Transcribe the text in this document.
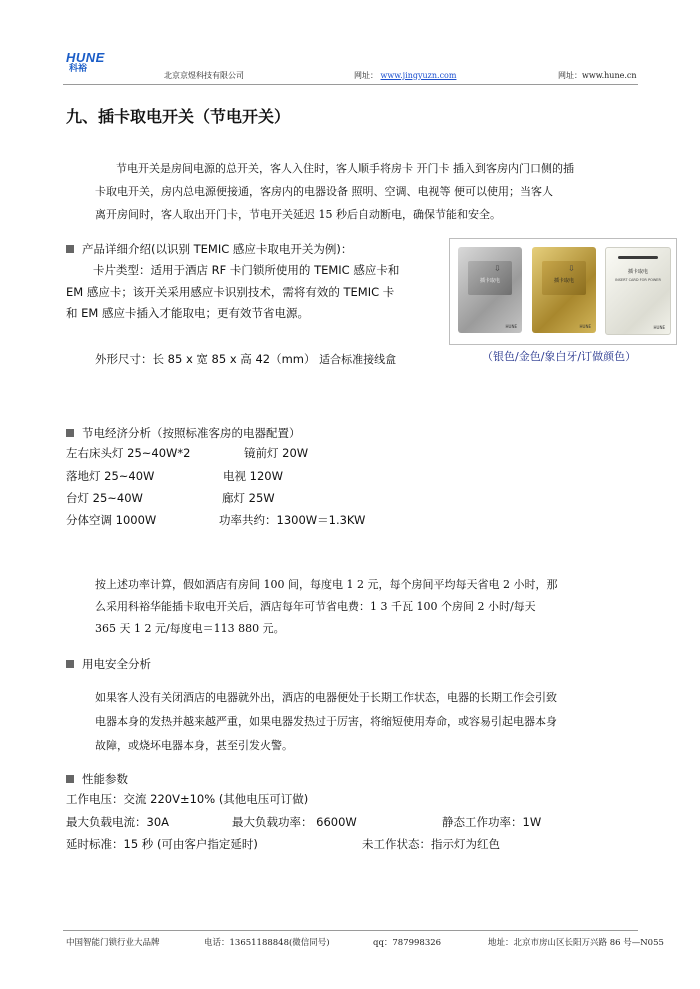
HUNE
科裕
北京京煜科技有限公司	网址： www.jingyuzn.com	网址：www.hune.cn
九、插卡取电开关（节电开关）
节电开关是房间电源的总开关，客人入住时，客人顺手将房卡 开门卡 插入到客房内门口侧的插
卡取电开关，房内总电源便接通，客房内的电器设备 照明、空调、电视等 便可以使用；当客人
离开房间时，客人取出开门卡，节电开关延迟 15 秒后自动断电，确保节能和安全。
产品详细介绍(以识别 TEMIC 感应卡取电开关为例)：
卡片类型：适用于酒店 RF 卡门锁所使用的 TEMIC 感应卡和
EM 感应卡；该开关采用感应卡识别技术，需将有效的 TEMIC 卡
和 EM 感应卡插入才能取电；更有效节省电源。
外形尺寸：长 85 x 宽 85 x 高 42（mm） 适合标准接线盒
⇩
插卡取电
HUNE
⇩
插卡取电
HUNE
插卡取电
INSERT CARD FOR POWER
HUNE
（银色/金色/象白牙/订做颜色）
节电经济分析（按照标准客房的电器配置）
左右床头灯 25~40W*2	镜前灯 20W
落地灯 25~40W	电视 120W
台灯 25~40W	廊灯 25W
分体空调 1000W	功率共约：1300W＝1.3KW
按上述功率计算，假如酒店有房间 100 间，每度电 1 2 元，每个房间平均每天省电 2 小时，那
么采用科裕华能插卡取电开关后，酒店每年可节省电费：1 3 千瓦 100 个房间 2 小时/每天
365 天 1 2 元/每度电＝113 880 元。
用电安全分析
如果客人没有关闭酒店的电器就外出，酒店的电器便处于长期工作状态，电器的长期工作会引致
电器本身的发热并越来越严重，如果电器发热过于厉害，将缩短使用寿命，或容易引起电器本身
故障，或烧坏电器本身，甚至引发火警。
性能参数
工作电压：交流 220V±10% (其他电压可订做)
最大负载电流：30A	最大负载功率： 6600W	静态工作功率：1W
延时标准：15 秒 (可由客户指定延时)	未工作状态：指示灯为红色
中国智能门锁行业大品牌	电话：13651188848(微信同号)	qq：787998326	地址：北京市房山区长阳万兴路 86 号—N055
